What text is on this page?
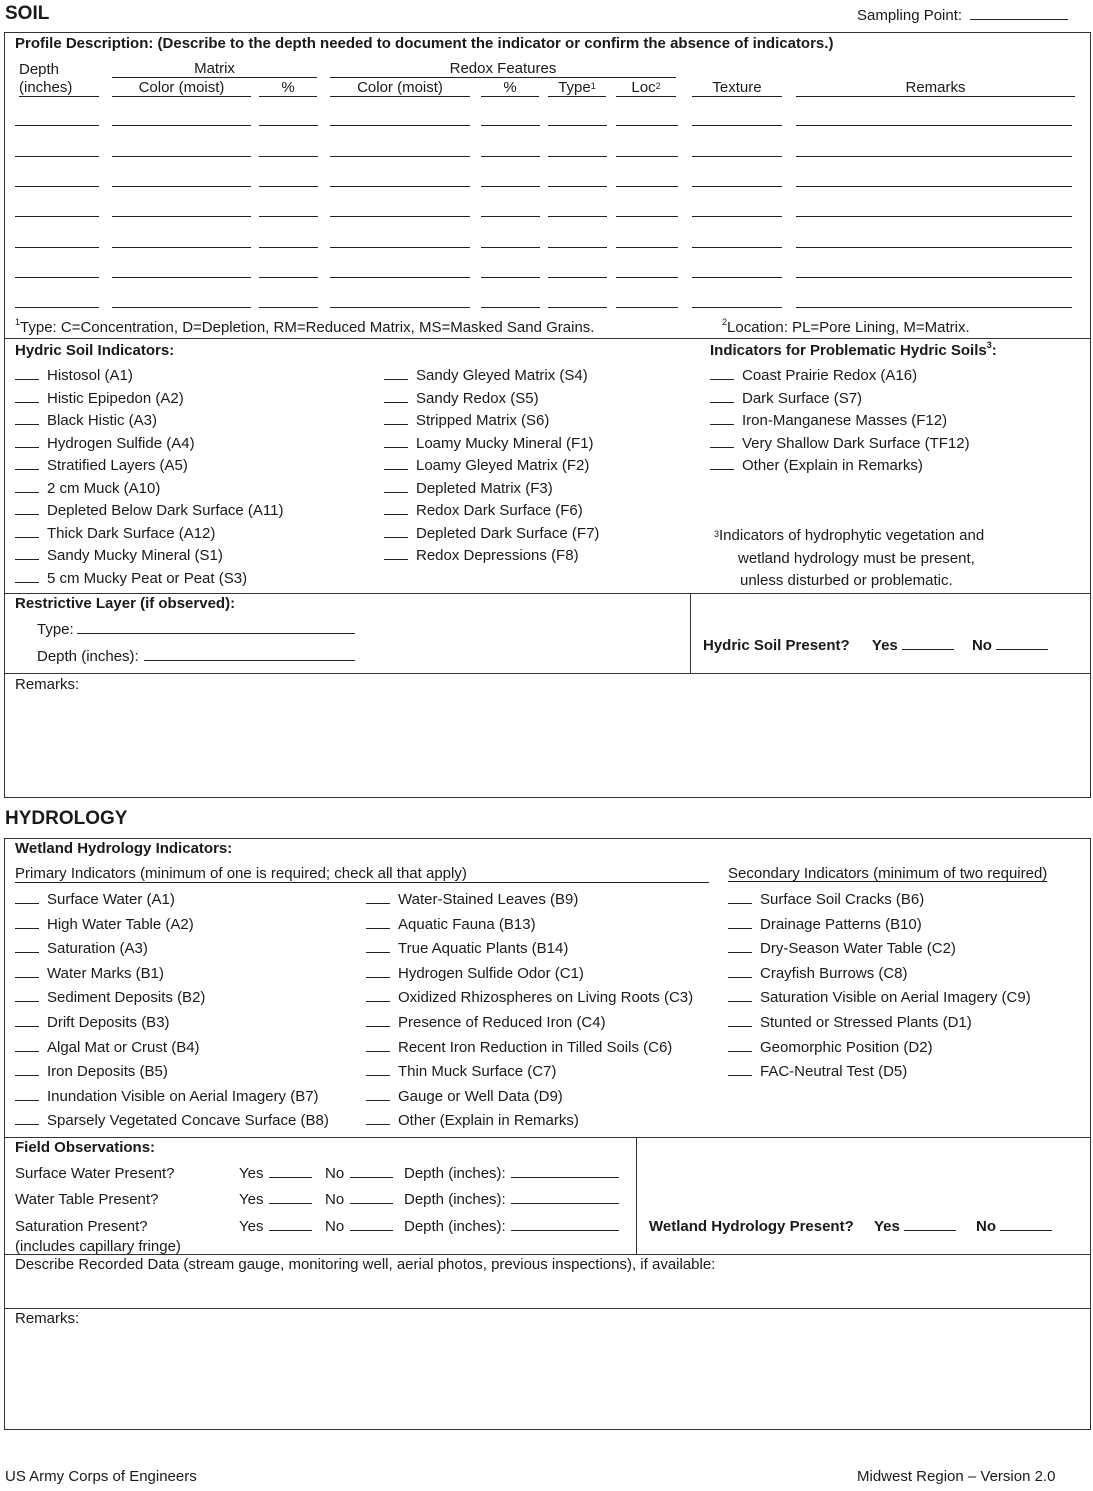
SOIL	Sampling Point:
Profile Description: (Describe to the depth needed to document the indicator or confirm the absence of indicators.)
Depth
(inches)
Matrix
Color (moist)	%
Redox Features
Color (moist)	%	Type$^1$	Loc$^2$	Texture	Remarks
$^1$Type: C=Concentration, D=Depletion, RM=Reduced Matrix, MS=Masked Sand Grains.	$^2$Location: PL=Pore Lining, M=Matrix.
Hydric Soil Indicators:	Indicators for Problematic Hydric Soils$^3$:
Histosol (A1)
Histic Epipedon (A2)
Black Histic (A3)
Hydrogen Sulfide (A4)
Stratified Layers (A5)
2 cm Muck (A10)
Depleted Below Dark Surface (A11)
Thick Dark Surface (A12)
Sandy Mucky Mineral (S1)
5 cm Mucky Peat or Peat (S3)
Sandy Gleyed Matrix (S4)
Sandy Redox (S5)
Stripped Matrix (S6)
Loamy Mucky Mineral (F1)
Loamy Gleyed Matrix (F2)
Depleted Matrix (F3)
Redox Dark Surface (F6)
Depleted Dark Surface (F7)
Redox Depressions (F8)
Coast Prairie Redox (A16)
Dark Surface (S7)
Iron-Manganese Masses (F12)
Very Shallow Dark Surface (TF12)
Other (Explain in Remarks)
$^3$Indicators of hydrophytic vegetation and
wetland hydrology must be present,
unless disturbed or problematic.
Restrictive Layer (if observed):
Type:
Depth (inches):
Hydric Soil Present? Yes	No
Remarks:
HYDROLOGY
Wetland Hydrology Indicators:
Primary Indicators (minimum of one is required; check all that apply)	Secondary Indicators (minimum of two required)
Surface Water (A1)
High Water Table (A2)
Saturation (A3)
Water Marks (B1)
Sediment Deposits (B2)
Drift Deposits (B3)
Algal Mat or Crust (B4)
Iron Deposits (B5)
Inundation Visible on Aerial Imagery (B7)
Sparsely Vegetated Concave Surface (B8)
Water-Stained Leaves (B9)
Aquatic Fauna (B13)
True Aquatic Plants (B14)
Hydrogen Sulfide Odor (C1)
Oxidized Rhizospheres on Living Roots (C3)
Presence of Reduced Iron (C4)
Recent Iron Reduction in Tilled Soils (C6)
Thin Muck Surface (C7)
Gauge or Well Data (D9)
Other (Explain in Remarks)
Surface Soil Cracks (B6)
Drainage Patterns (B10)
Dry-Season Water Table (C2)
Crayfish Burrows (C8)
Saturation Visible on Aerial Imagery (C9)
Stunted or Stressed Plants (D1)
Geomorphic Position (D2)
FAC-Neutral Test (D5)
Field Observations:
Surface Water Present?	Yes	No	Depth (inches):
Water Table Present?	Yes	No	Depth (inches):
Saturation Present?	Yes	No	Depth (inches):
(includes capillary fringe)
Wetland Hydrology Present? Yes	No
Describe Recorded Data (stream gauge, monitoring well, aerial photos, previous inspections), if available:
Remarks:
US Army Corps of Engineers	Midwest Region – Version 2.0
